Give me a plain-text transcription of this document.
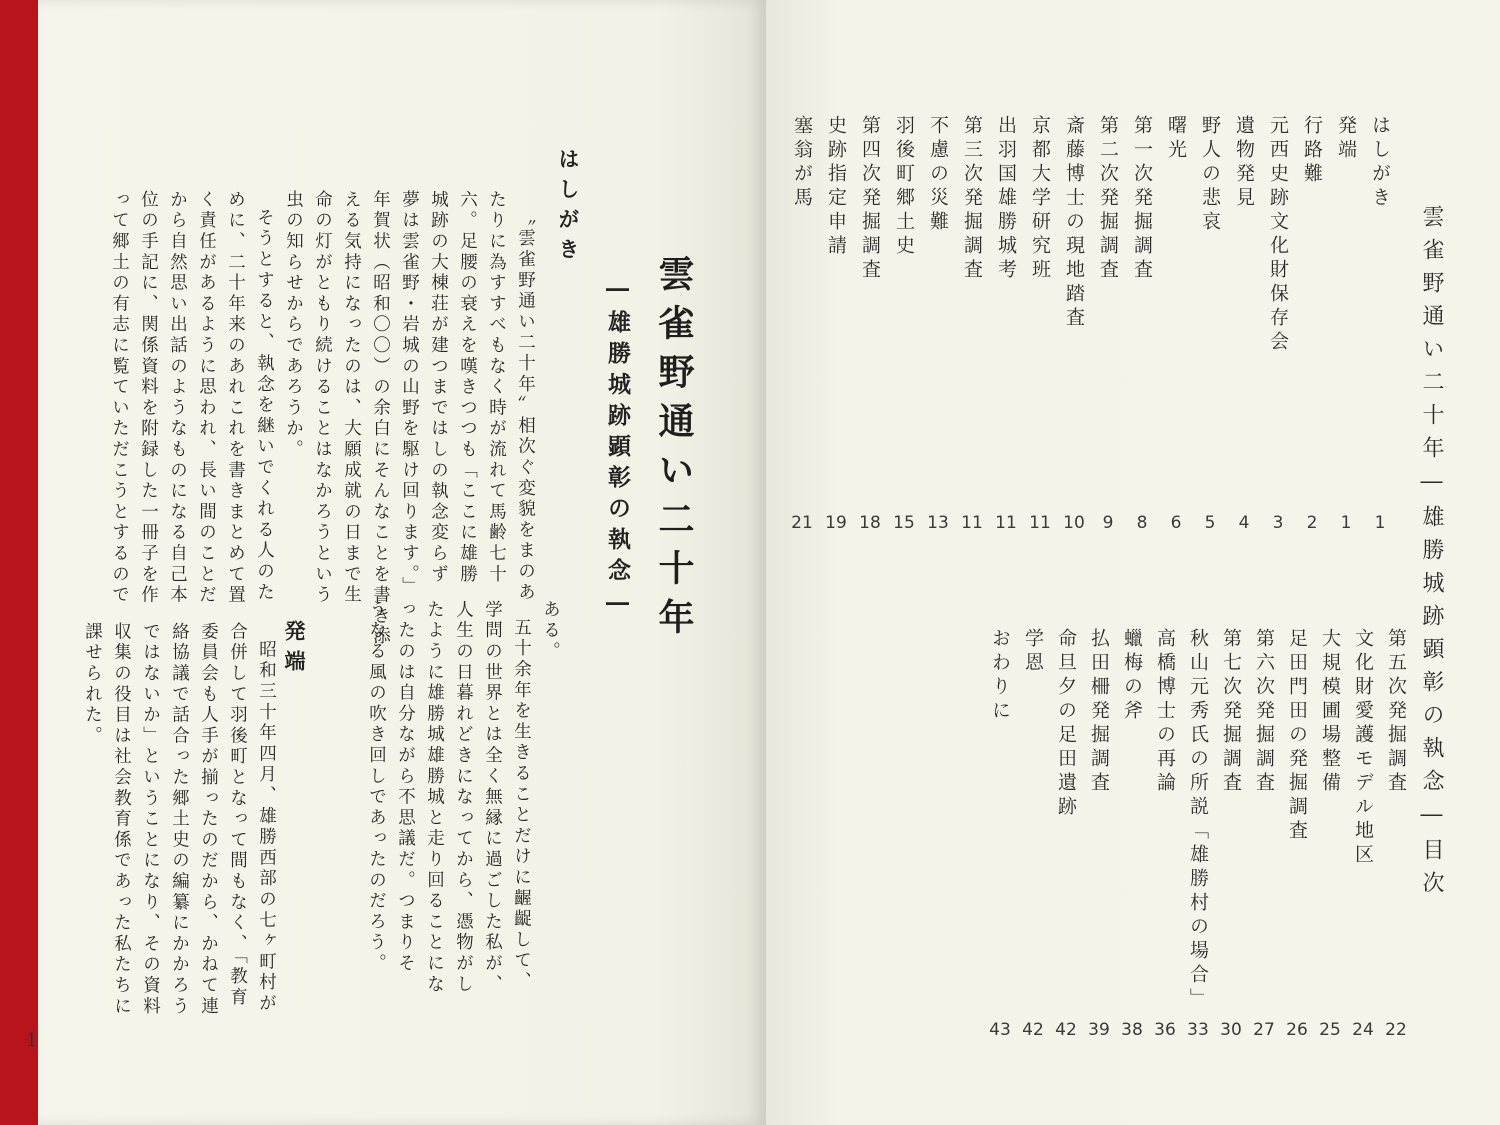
雲雀野通い二十年
―雄勝城跡顕彰の執念―
はしがき
〝雲雀野通い二十年〟相次ぐ変貌をまのあ
たりに為すすべもなく時が流れて馬齢七十
六。足腰の衰えを嘆きつつも「ここに雄勝
城跡の大棟荘が建つまではしの執念変らず
夢は雲雀野・岩城の山野を駆け回ります。」
年賀状（昭和〇〇）の余白にそんなことを書き添
える気持になったのは、大願成就の日まで生
命の灯がともり続けることはなかろうという
虫の知らせからであろうか。
そうとすると、執念を継いでくれる人のた
めに、二十年来のあれこれを書きまとめて置
く責任があるように思われ、長い間のことだ
から自然思い出話のようなものになる自己本
位の手記に、関係資料を附録した一冊子を作
って郷土の有志に覧ていただこうとするので
ある。
五十余年を生きることだけに齷齪して、
学問の世界とは全く無縁に過ごした私が、
人生の日暮れどきになってから、憑物がし
たように雄勝城雄勝城と走り回ることにな
ったのは自分ながら不思議だ。つまりそ
うなる風の吹き回しであったのだろう。
発端
昭和三十年四月、雄勝西部の七ヶ町村が
合併して羽後町となって間もなく、「教育
委員会も人手が揃ったのだから、かねて連
絡協議で話合った郷土史の編纂にかかろう
ではないか」ということになり、その資料
収集の役目は社会教育係であった私たちに
課せられた。
1
雲雀野通い二十年―雄勝城跡顕彰の執念―目次
はしがき
1
発端
1
行路難
2
元西史跡文化財保存会
3
遺物発見
4
野人の悲哀
5
曙光
6
第一次発掘調査
8
第二次発掘調査
9
斎藤博士の現地踏査
10
京都大学研究班
11
出羽国雄勝城考
11
第三次発掘調査
11
不慮の災難
13
羽後町郷土史
15
第四次発掘調査
18
史跡指定申請
19
塞翁が馬
21
第五次発掘調査
22
文化財愛護モデル地区
24
大規模圃場整備
25
足田門田の発掘調査
26
第六次発掘調査
27
第七次発掘調査
30
秋山元秀氏の所説「雄勝村の場合」
33
高橋博士の再論
36
蠟梅の斧
38
払田柵発掘調査
39
命旦夕の足田遺跡
42
学恩
42
おわりに
43
